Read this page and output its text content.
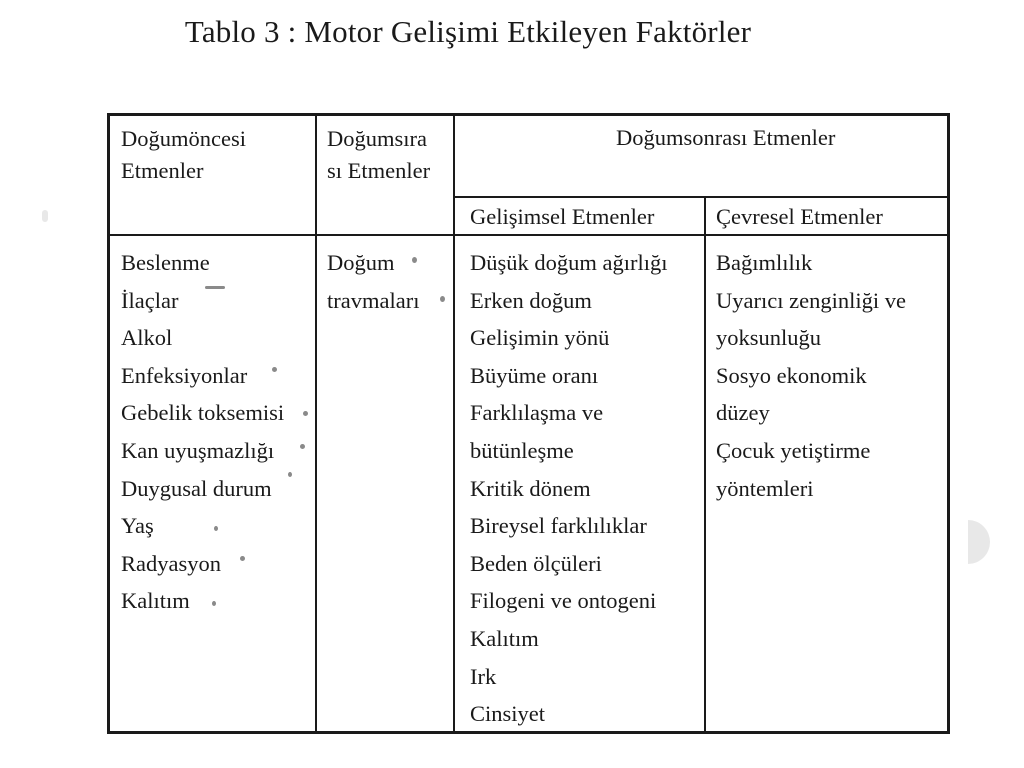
Tablo 3 : Motor Gelişimi Etkileyen Faktörler
Doğumöncesi
Etmenler
Doğumsıra
sı Etmenler
Doğumsonrası Etmenler
Gelişimsel Etmenler	Çevresel Etmenler
Beslenme
İlaçlar
Alkol
Enfeksiyonlar
Gebelik toksemisi
Kan uyuşmazlığı
Duygusal durum
Yaş
Radyasyon
Kalıtım
Doğum
travmaları
Düşük doğum ağırlığı
Erken doğum
Gelişimin yönü
Büyüme oranı
Farklılaşma ve
bütünleşme
Kritik dönem
Bireysel farklılıklar
Beden ölçüleri
Filogeni ve ontogeni
Kalıtım
Irk
Cinsiyet
Bağımlılık
Uyarıcı zenginliği ve
yoksunluğu
Sosyo ekonomik
düzey
Çocuk yetiştirme
yöntemleri
